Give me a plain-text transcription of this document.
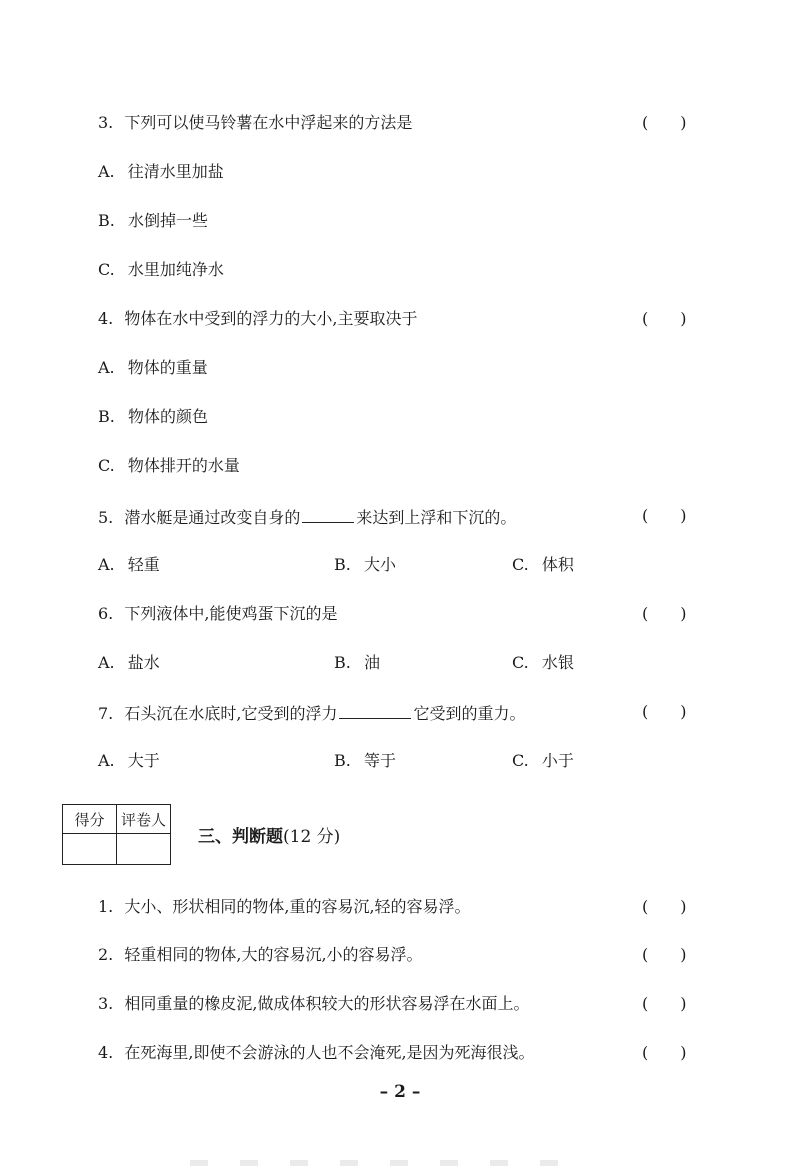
3. 下列可以使马铃薯在水中浮起来的方法是	(　　)
A. 往清水里加盐
B. 水倒掉一些
C. 水里加纯净水
4. 物体在水中受到的浮力的大小,主要取决于	(　　)
A. 物体的重量
B. 物体的颜色
C. 物体排开的水量
5. 潜水艇是通过改变自身的	来达到上浮和下沉的。	(　　)
A. 轻重	B. 大小	C. 体积
6. 下列液体中,能使鸡蛋下沉的是	(　　)
A. 盐水	B. 油	C. 水银
7. 石头沉在水底时,它受到的浮力	它受到的重力。	(　　)
A. 大于	B. 等于	C. 小于
得分	评卷人

三、判断题(12 分)
1. 大小、形状相同的物体,重的容易沉,轻的容易浮。	(　　)
2. 轻重相同的物体,大的容易沉,小的容易浮。	(　　)
3. 相同重量的橡皮泥,做成体积较大的形状容易浮在水面上。	(　　)
4. 在死海里,即使不会游泳的人也不会淹死,是因为死海很浅。	(　　)
– 2 –
